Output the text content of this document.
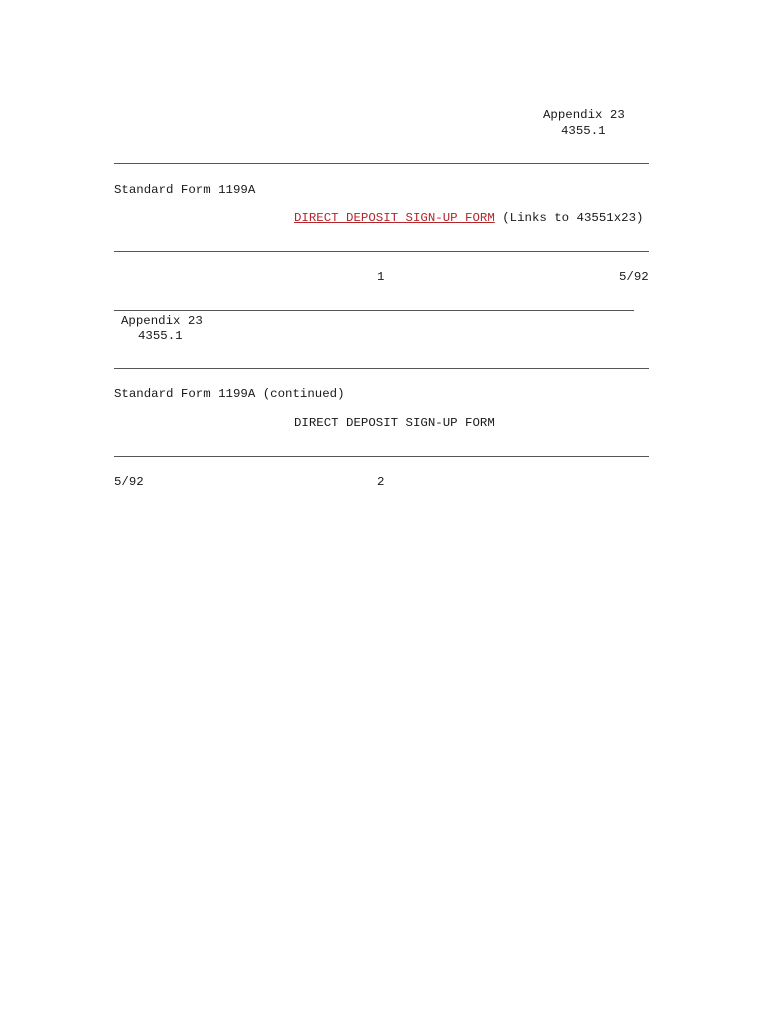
Appendix 23
4355.1
Standard Form 1199A
DIRECT DEPOSIT SIGN-UP FORM (Links to 43551x23)
1	5/92
Appendix 23
4355.1
Standard Form 1199A (continued)
DIRECT DEPOSIT SIGN-UP FORM
5/92	2
